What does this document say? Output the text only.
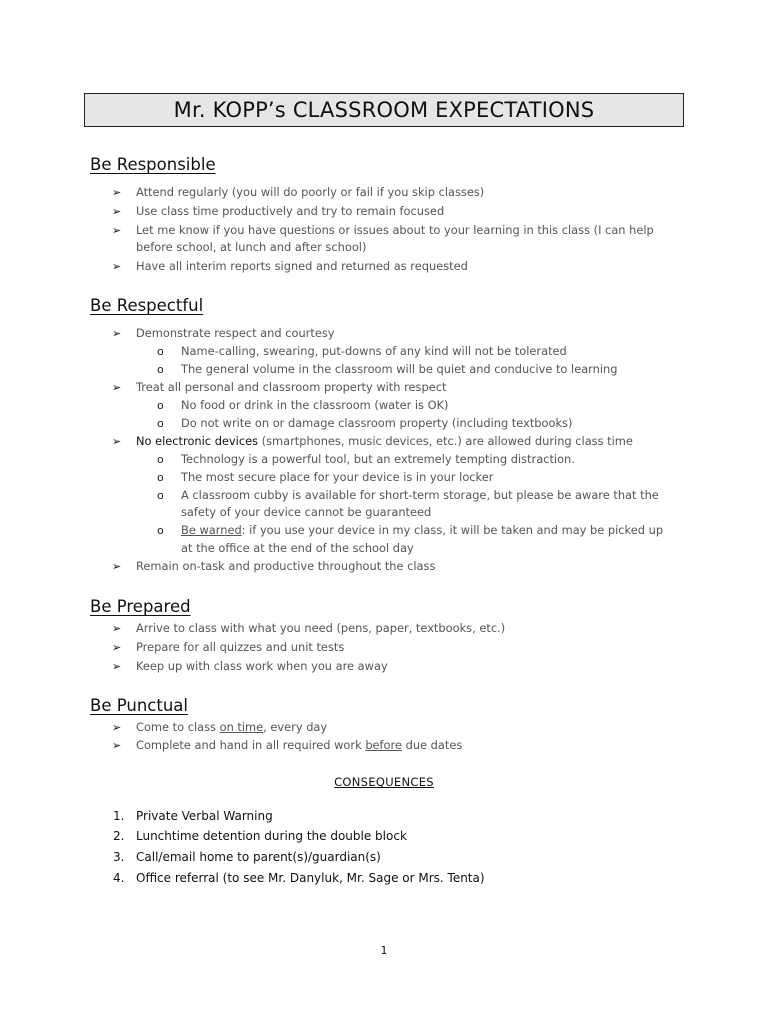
Mr. KOPP’s CLASSROOM EXPECTATIONS
Be Responsible
➢ Attend regularly (you will do poorly or fail if you skip classes)
➢ Use class time productively and try to remain focused
➢ Let me know if you have questions or issues about to your learning in this class (I can help
before school, at lunch and after school)
➢ Have all interim reports signed and returned as requested
Be Respectful
➢ Demonstrate respect and courtesy
o Name-calling, swearing, put-downs of any kind will not be tolerated
o The general volume in the classroom will be quiet and conducive to learning
➢ Treat all personal and classroom property with respect
o No food or drink in the classroom (water is OK)
o Do not write on or damage classroom property (including textbooks)
➢ No electronic devices (smartphones, music devices, etc.) are allowed during class time
o Technology is a powerful tool, but an extremely tempting distraction.
o The most secure place for your device is in your locker
o A classroom cubby is available for short-term storage, but please be aware that the
safety of your device cannot be guaranteed
o Be warned: if you use your device in my class, it will be taken and may be picked up
at the office at the end of the school day
➢ Remain on-task and productive throughout the class
Be Prepared
➢ Arrive to class with what you need (pens, paper, textbooks, etc.)
➢ Prepare for all quizzes and unit tests
➢ Keep up with class work when you are away
Be Punctual
➢ Come to class on time, every day
➢ Complete and hand in all required work before due dates
CONSEQUENCES
1. Private Verbal Warning
2. Lunchtime detention during the double block
3. Call/email home to parent(s)/guardian(s)
4. Office referral (to see Mr. Danyluk, Mr. Sage or Mrs. Tenta)
1
